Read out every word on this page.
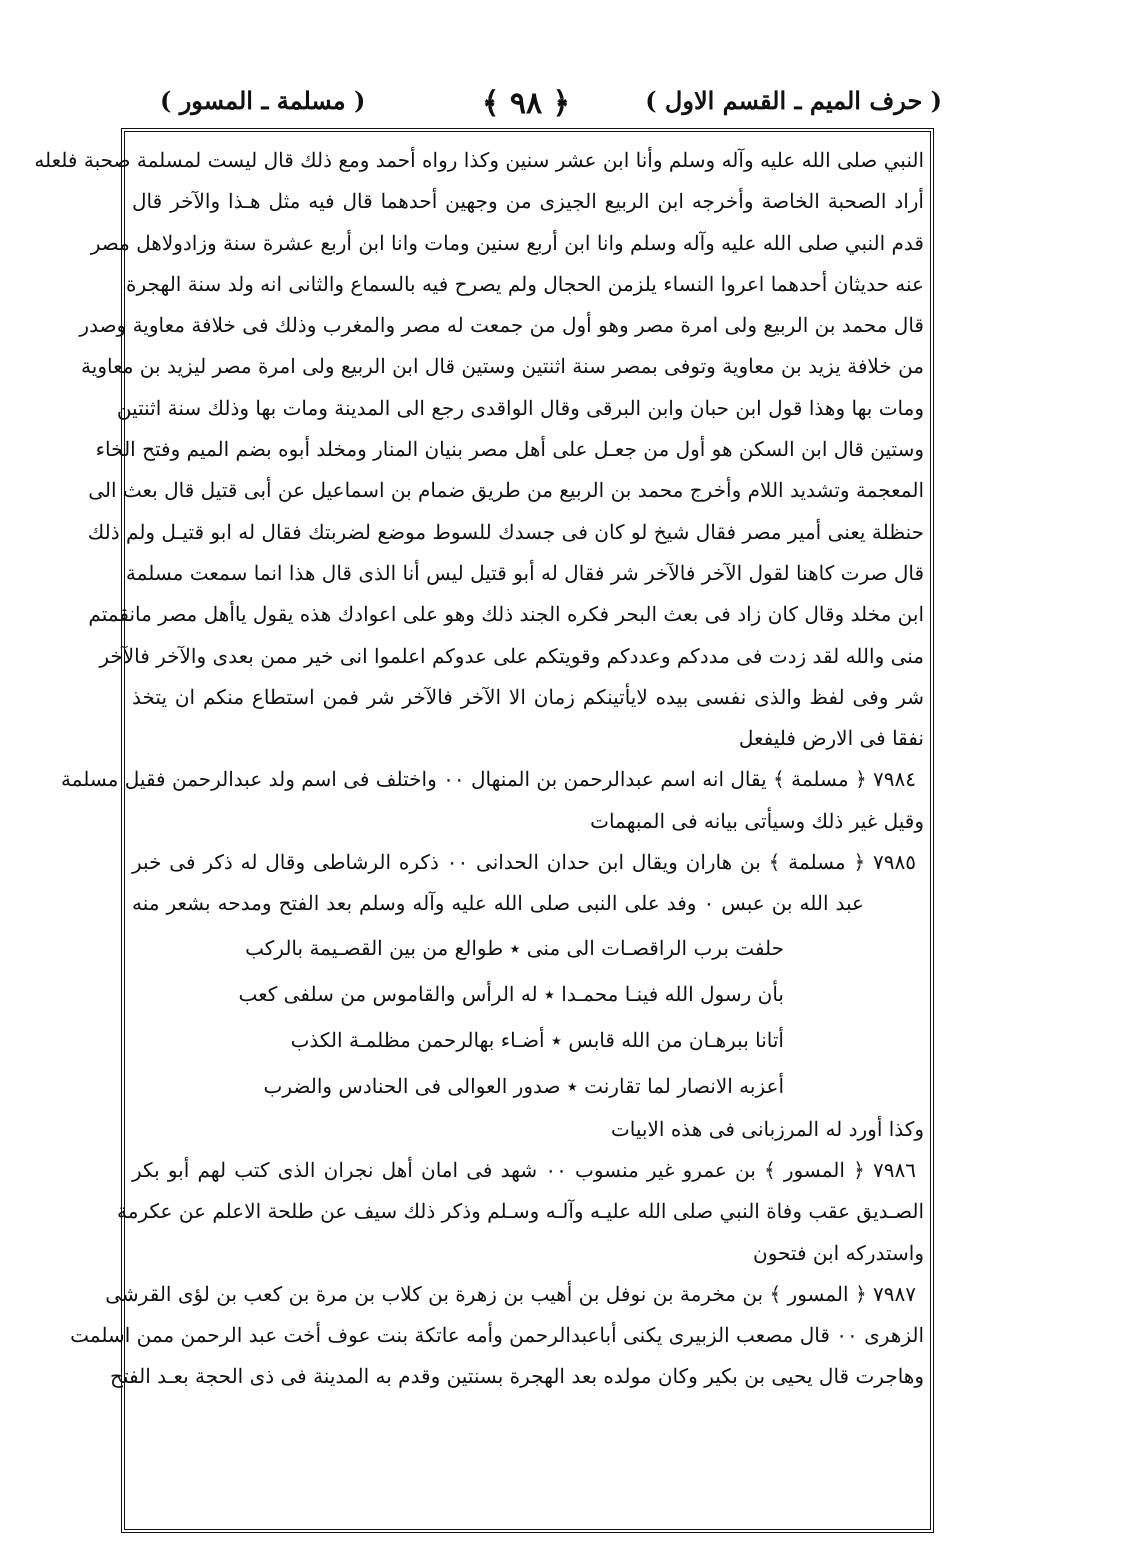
( حرف الميم ـ القسم الاول )
﴿ ٩٨ ﴾
( مسلمة ـ المسور )
النبي صلى الله عليه وآله وسلم وأنا ابن عشر سنين وكذا رواه أحمد ومع ذلك قال ليست لمسلمة صحبة فلعله
أراد الصحبة الخاصة وأخرجه ابن الربيع الجيزى من وجهين أحدهما قال فيه مثل هـذا والآخر قال
قدم النبي صلى الله عليه وآله وسلم وانا ابن أربع سنين ومات وانا ابن أربع عشرة سنة وزادولاهل مصر
عنه حديثان أحدهما اعروا النساء يلزمن الحجال ولم يصرح فيه بالسماع والثانى انه ولد سنة الهجرة
قال محمد بن الربيع ولى امرة مصر وهو أول من جمعت له مصر والمغرب وذلك فى خلافة معاوية وصدر
من خلافة يزيد بن معاوية وتوفى بمصر سنة اثنتين وستين قال ابن الربيع ولى امرة مصر ليزيد بن معاوية
ومات بها وهذا قول ابن حبان وابن البرقى وقال الواقدى رجع الى المدينة ومات بها وذلك سنة اثنتين
وستين قال ابن السكن هو أول من جعـل على أهل مصر بنيان المنار ومخلد أبوه بضم الميم وفتح الخاء
المعجمة وتشديد اللام وأخرج محمد بن الربيع من طريق ضمام بن اسماعيل عن أبى قتيل قال بعث الى
حنظلة يعنى أمير مصر فقال شيخ لو كان فى جسدك للسوط موضع لضربتك فقال له ابو قتيـل ولم ذلك
قال صرت كاهنا لقول الآخر فالآخر شر فقال له أبو قتيل ليس أنا الذى قال هذا انما سمعت مسلمة
ابن مخلد وقال كان زاد فى بعث البحر فكره الجند ذلك وهو على اعوادك هذه يقول ياأهل مصر مانقمتم
منى والله لقد زدت فى مددكم وعددكم وقويتكم على عدوكم اعلموا انى خير ممن بعدى والآخر فالآخر
شر وفى لفظ والذى نفسى بيده لايأتينكم زمان الا الآخر فالآخر شر فمن استطاع منكم ان يتخذ
نفقا فى الارض فليفعل
٧٩٨٤ ﴿ مسلمة ﴾ يقال انه اسم عبدالرحمن بن المنهال ٠٠ واختلف فى اسم ولد عبدالرحمن فقيل مسلمة
وقيل غير ذلك وسيأتى بيانه فى المبهمات
٧٩٨٥ ﴿ مسلمة ﴾ بن هاران ويقال ابن حدان الحدانى ٠٠ ذكره الرشاطى وقال له ذكر فى خبر
عبد الله بن عبس ٠ وفد على النبى صلى الله عليه وآله وسلم بعد الفتح ومدحه بشعر منه
حلفت برب الراقصـات الى منى ٭ طوالع من بين القصـيمة بالركب
بأن رسول الله فينـا محمـدا ٭ له الرأس والقاموس من سلفى كعب
أتانا ببرهـان من الله قابس ٭ أضـاء بهالرحمن مظلمـة الكذب
أعزبه الانصار لما تقارنت ٭ صدور العوالى فى الحنادس والضرب
وكذا أورد له المرزبانى فى هذه الابيات
٧٩٨٦ ﴿ المسور ﴾ بن عمرو غير منسوب ٠٠ شهد فى امان أهل نجران الذى كتب لهم أبو بكر
الصـديق عقب وفاة النبي صلى الله عليـه وآلـه وسـلم وذكر ذلك سيف عن طلحة الاعلم عن عكرمة
واستدركه ابن فتحون
٧٩٨٧ ﴿ المسور ﴾ بن مخرمة بن نوفل بن أهيب بن زهرة بن كلاب بن مرة بن كعب بن لؤى القرشى
الزهرى ٠٠ قال مصعب الزبيرى يكنى أباعبدالرحمن وأمه عاتكة بنت عوف أخت عبد الرحمن ممن اسلمت
وهاجرت قال يحيى بن بكير وكان مولده بعد الهجرة بسنتين وقدم به المدينة فى ذى الحجة بعـد الفتح
